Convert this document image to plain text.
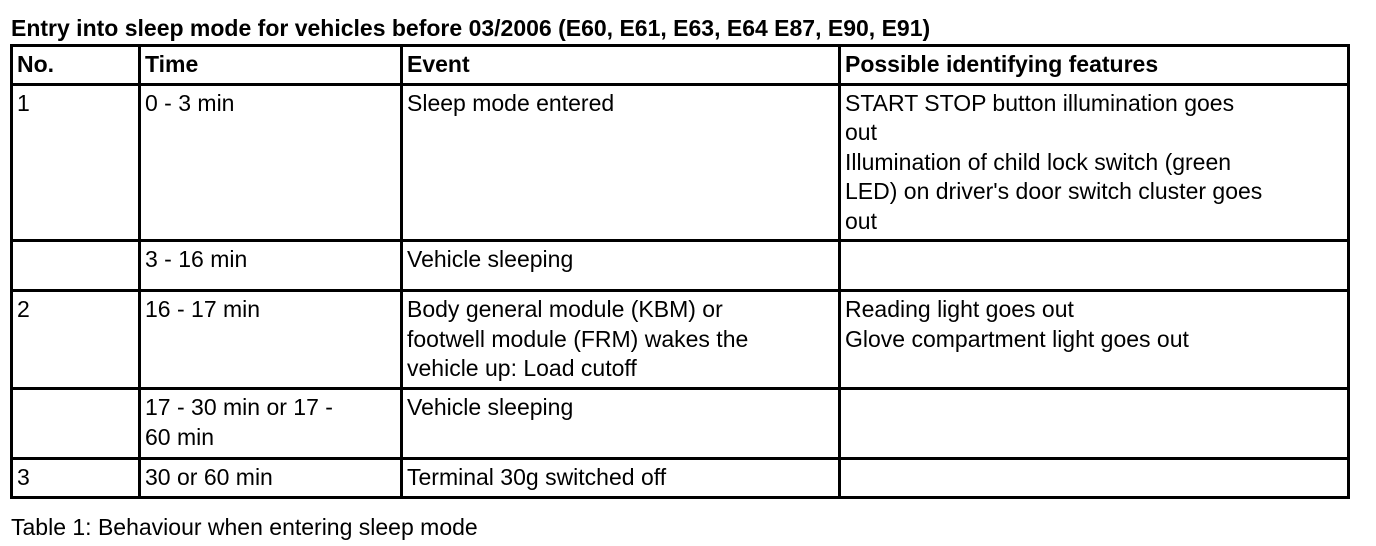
Entry into sleep mode for vehicles before 03/2006 (E60, E61, E63, E64 E87, E90, E91)
No.	Time	Event	Possible identifying features
1	0 - 3 min	Sleep mode entered	START STOP button illumination goes
out
Illumination of child lock switch (green
LED) on driver's door switch cluster goes
out

	3 - 16 min	Vehicle sleeping	

2	16 - 17 min	Body general module (KBM) or
footwell module (FRM) wakes the
vehicle up: Load cutoff	Reading light goes out
Glove compartment light goes out

	17 - 30 min or 17 -
60 min	Vehicle sleeping	

3	30 or 60 min	Terminal 30g switched off	

Table 1: Behaviour when entering sleep mode
